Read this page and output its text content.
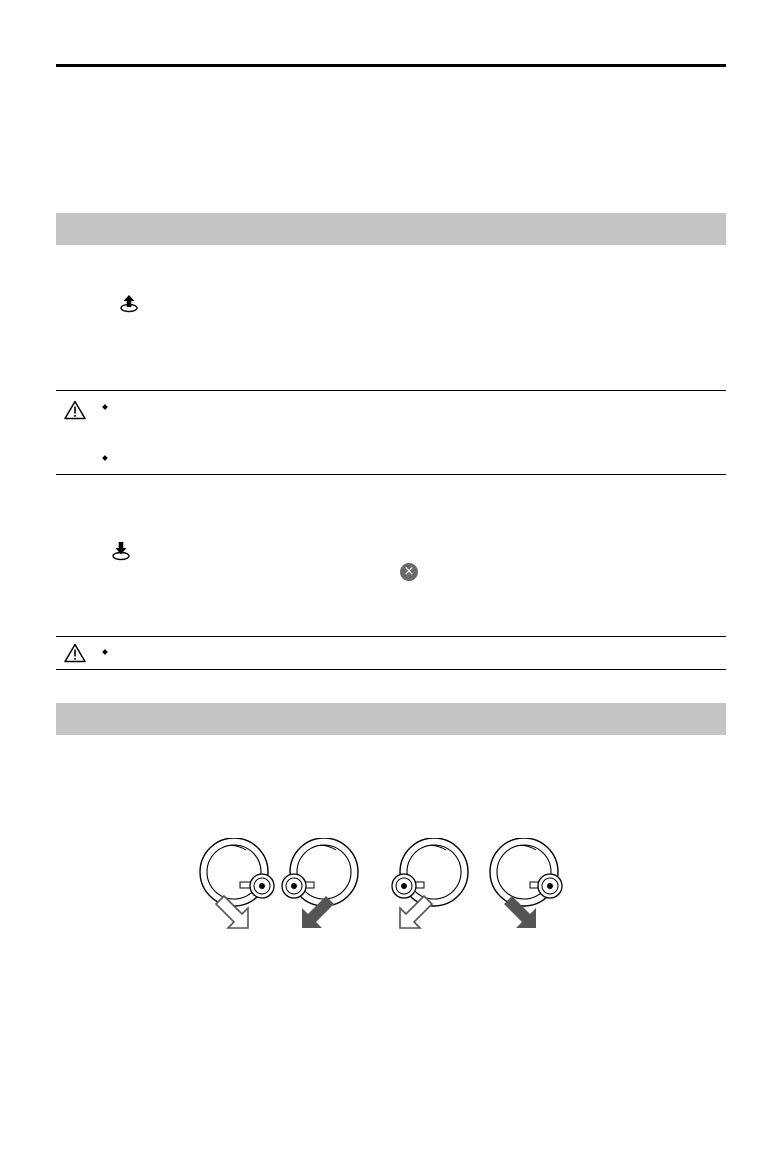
×
